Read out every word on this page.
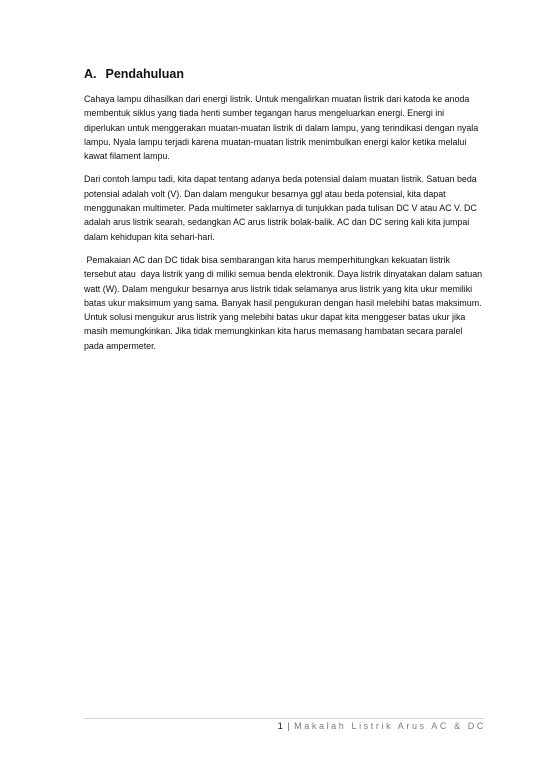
A. Pendahuluan

Cahaya lampu dihasilkan dari energi listrik. Untuk mengalirkan muatan listrik dari katoda ke anoda membentuk siklus yang tiada henti sumber tegangan harus mengeluarkan energi. Energi ini diperlukan untuk menggerakan muatan-muatan listrik di dalam lampu, yang terindikasi dengan nyala lampu. Nyala lampu terjadi karena muatan-muatan listrik menimbulkan energi kalor ketika melalui kawat filament lampu.

Dari contoh lampu tadi, kita dapat tentang adanya beda potensial dalam muatan listrik. Satuan beda potensial adalah volt (V). Dan dalam mengukur besarnya ggl atau beda potensial, kita dapat menggunakan multimeter. Pada multimeter saklarnya di tunjukkan pada tulisan DC V atau AC V. DC adalah arus listrik searah, sedangkan AC arus listrik bolak-balik. AC dan DC sering kali kita jumpai dalam kehidupan kita sehari-hari.

Pemakaian AC dan DC tidak bisa sembarangan kita harus memperhitungkan kekuatan listrik tersebut atau  daya listrik yang di miliki semua benda elektronik. Daya listrik dinyatakan dalam satuan watt (W). Dalam mengukur besarnya arus listrik tidak selamanya arus listrik yang kita ukur memiliki batas ukur maksimum yang sama. Banyak hasil pengukuran dengan hasil melebihi batas maksimum. Untuk solusi mengukur arus listrik yang melebihi batas ukur dapat kita menggeser batas ukur jika masih memungkinkan. Jika tidak memungkinkan kita harus memasang hambatan secara paralel pada ampermeter.

1 | Makalah Listrik Arus AC & DC
